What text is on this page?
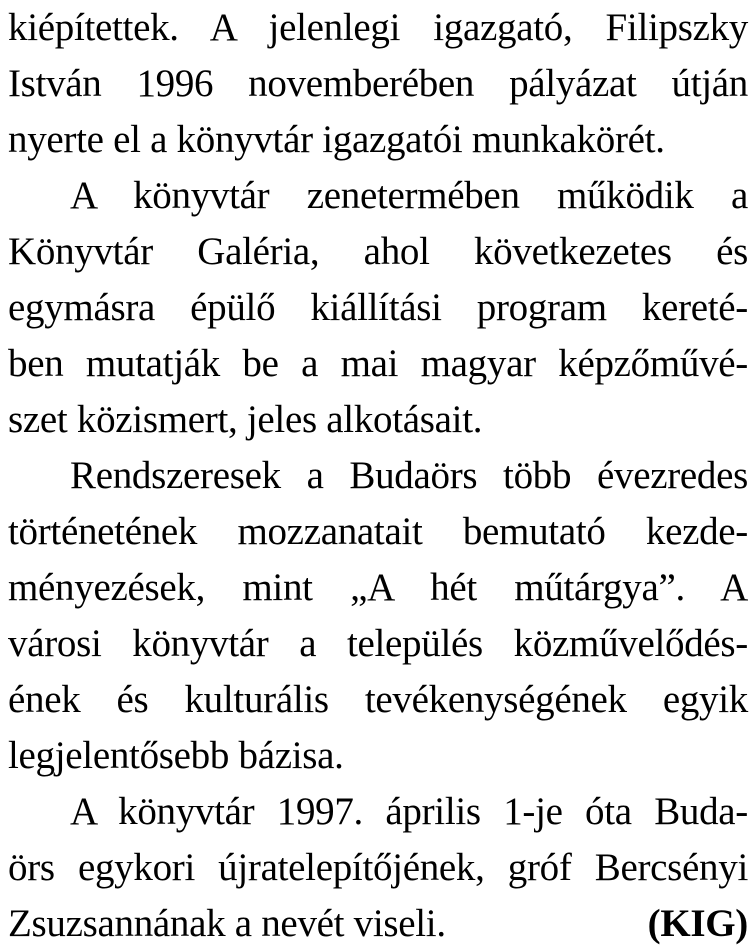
kiépítettek. A jelenlegi igazgató, Filipszky
István 1996 novemberében pályázat útján
nyerte el a könyvtár igazgatói munkakörét.
A könyvtár zenetermében működik a
Könyvtár Galéria, ahol következetes és
egymásra épülő kiállítási program kereté-
ben mutatják be a mai magyar képzőművé-
szet közismert, jeles alkotásait.
Rendszeresek a Budaörs több évezredes
történetének mozzanatait bemutató kezde-
ményezések, mint „A hét műtárgya”. A
városi könyvtár a település közművelődés-
ének és kulturális tevékenységének egyik
legjelentősebb bázisa.
A könyvtár 1997. április 1-je óta Buda-
örs egykori újratelepítőjének, gróf Bercsényi
Zsuzsannának a nevét viseli.	(KIG)
